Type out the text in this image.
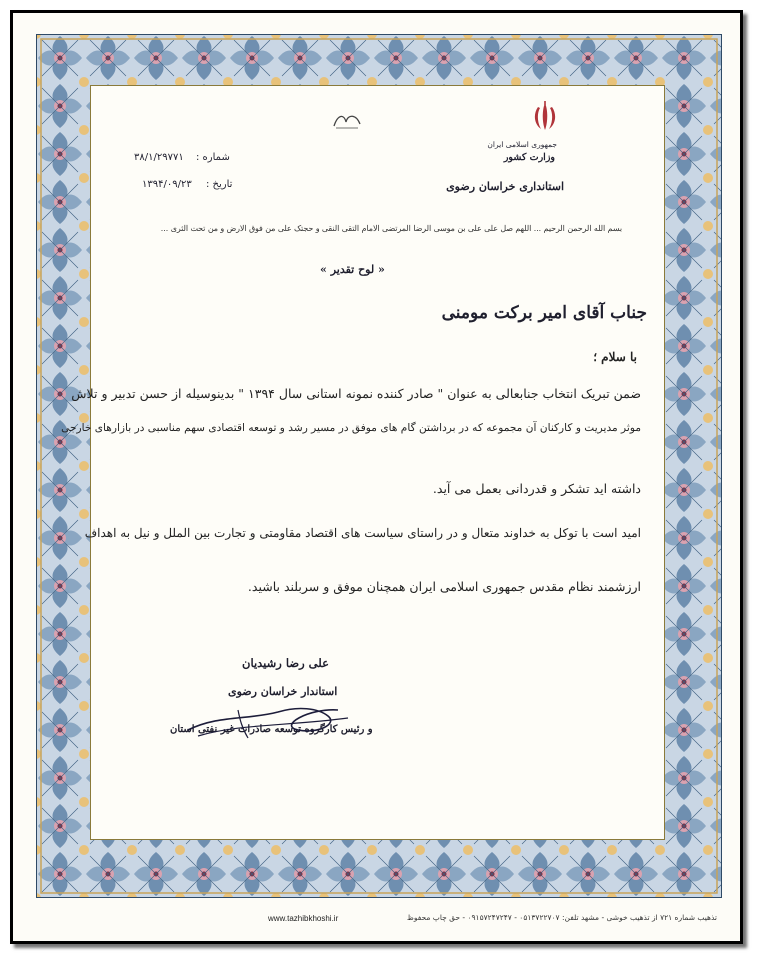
جمهوری اسلامی ایران
وزارت کشور
استانداری خراسان رضوی
شماره :
۳۸/۱/۲۹۷۷۱
تاریخ :
۱۳۹۴/۰۹/۲۳
بسم الله الرحمن الرحیم ... اللهم صل علی علی بن موسی الرضا المرتضی الامام التقی النقی و حجتک علی من فوق الارض و من تحت الثری ...
« لوح تقدیر »
جناب آقای امیر برکت مومنی
با سلام ؛
ضمن تبریک انتخاب جنابعالی به عنوان " صادر کننده نمونه استانی سال ۱۳۹۴ " بدینوسیله از حسن تدبیر و تلاش
موثر مدیریت و کارکنان آن مجموعه که در برداشتن گام های موفق در مسیر رشد و توسعه اقتصادی سهم مناسبی در بازارهای خارجی
داشته اید تشکر و قدردانی بعمل می آید.
امید است با توکل به خداوند متعال و در راستای سیاست های اقتصاد مقاومتی و تجارت بین الملل و نیل به اهداف
ارزشمند نظام مقدس جمهوری اسلامی ایران همچنان موفق و سربلند باشید.
علی رضا رشیدیان
استاندار خراسان رضوی
و رئیس کارگروه توسعه صادرات غیر نفتی استان
www.tazhibkhoshi.ir	تذهیب شماره ۷۲۱ از تذهیب خوشی - مشهد تلفن: ۰۵۱۳۷۲۲۷۰۷ - ۰۹۱۵۷۲۴۷۲۴۷ - حق چاپ محفوظ
